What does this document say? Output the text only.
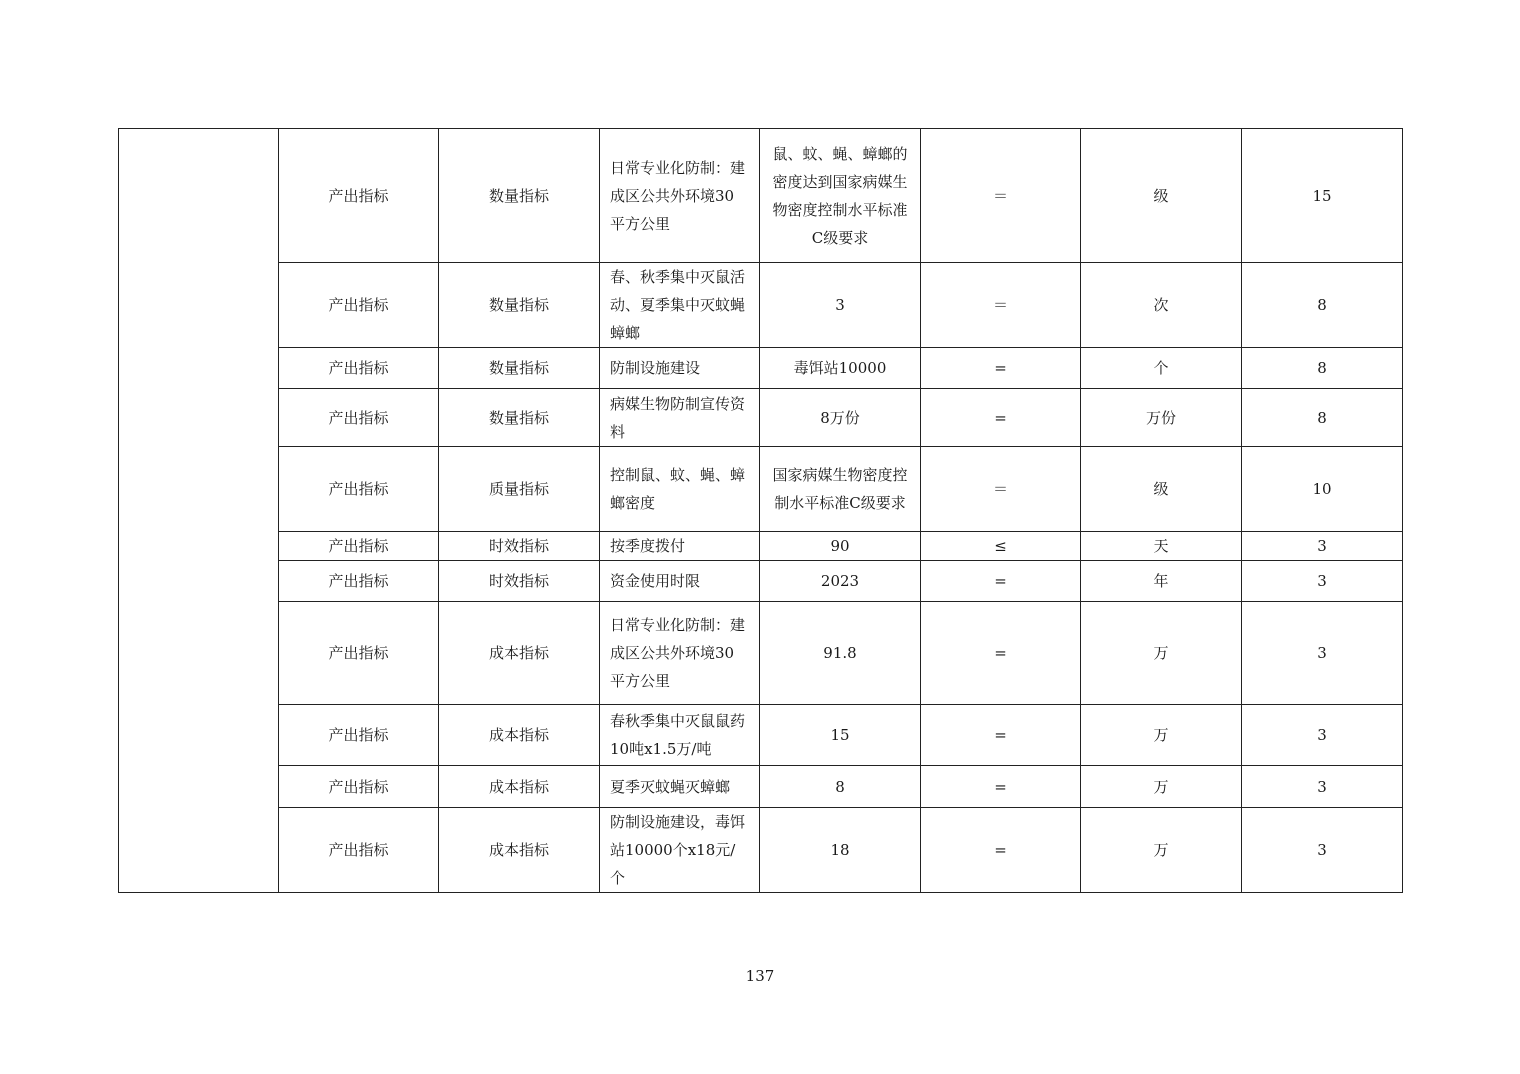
	产出指标	数量指标	日常专业化防制：建成区公共外环境30平方公里	鼠、蚊、蝇、蟑螂的密度达到国家病媒生物密度控制水平标准C级要求	＝	级	15
	产出指标	数量指标	春、秋季集中灭鼠活动、夏季集中灭蚊蝇蟑螂	3	＝	次	8
	产出指标	数量指标	防制设施建设	毒饵站10000	=	个	8
	产出指标	数量指标	病媒生物防制宣传资料	8万份	=	万份	8
	产出指标	质量指标	控制鼠、蚊、蝇、蟑螂密度	国家病媒生物密度控制水平标准C级要求	＝	级	10
	产出指标	时效指标	按季度拨付	90	≤	天	3
	产出指标	时效指标	资金使用时限	2023	=	年	3
	产出指标	成本指标	日常专业化防制：建成区公共外环境30平方公里	91.8	=	万	3
	产出指标	成本指标	春秋季集中灭鼠鼠药10吨x1.5万/吨	15	=	万	3
	产出指标	成本指标	夏季灭蚊蝇灭蟑螂	8	=	万	3
	产出指标	成本指标	防制设施建设，毒饵站10000个x18元/个	18	=	万	3
137
